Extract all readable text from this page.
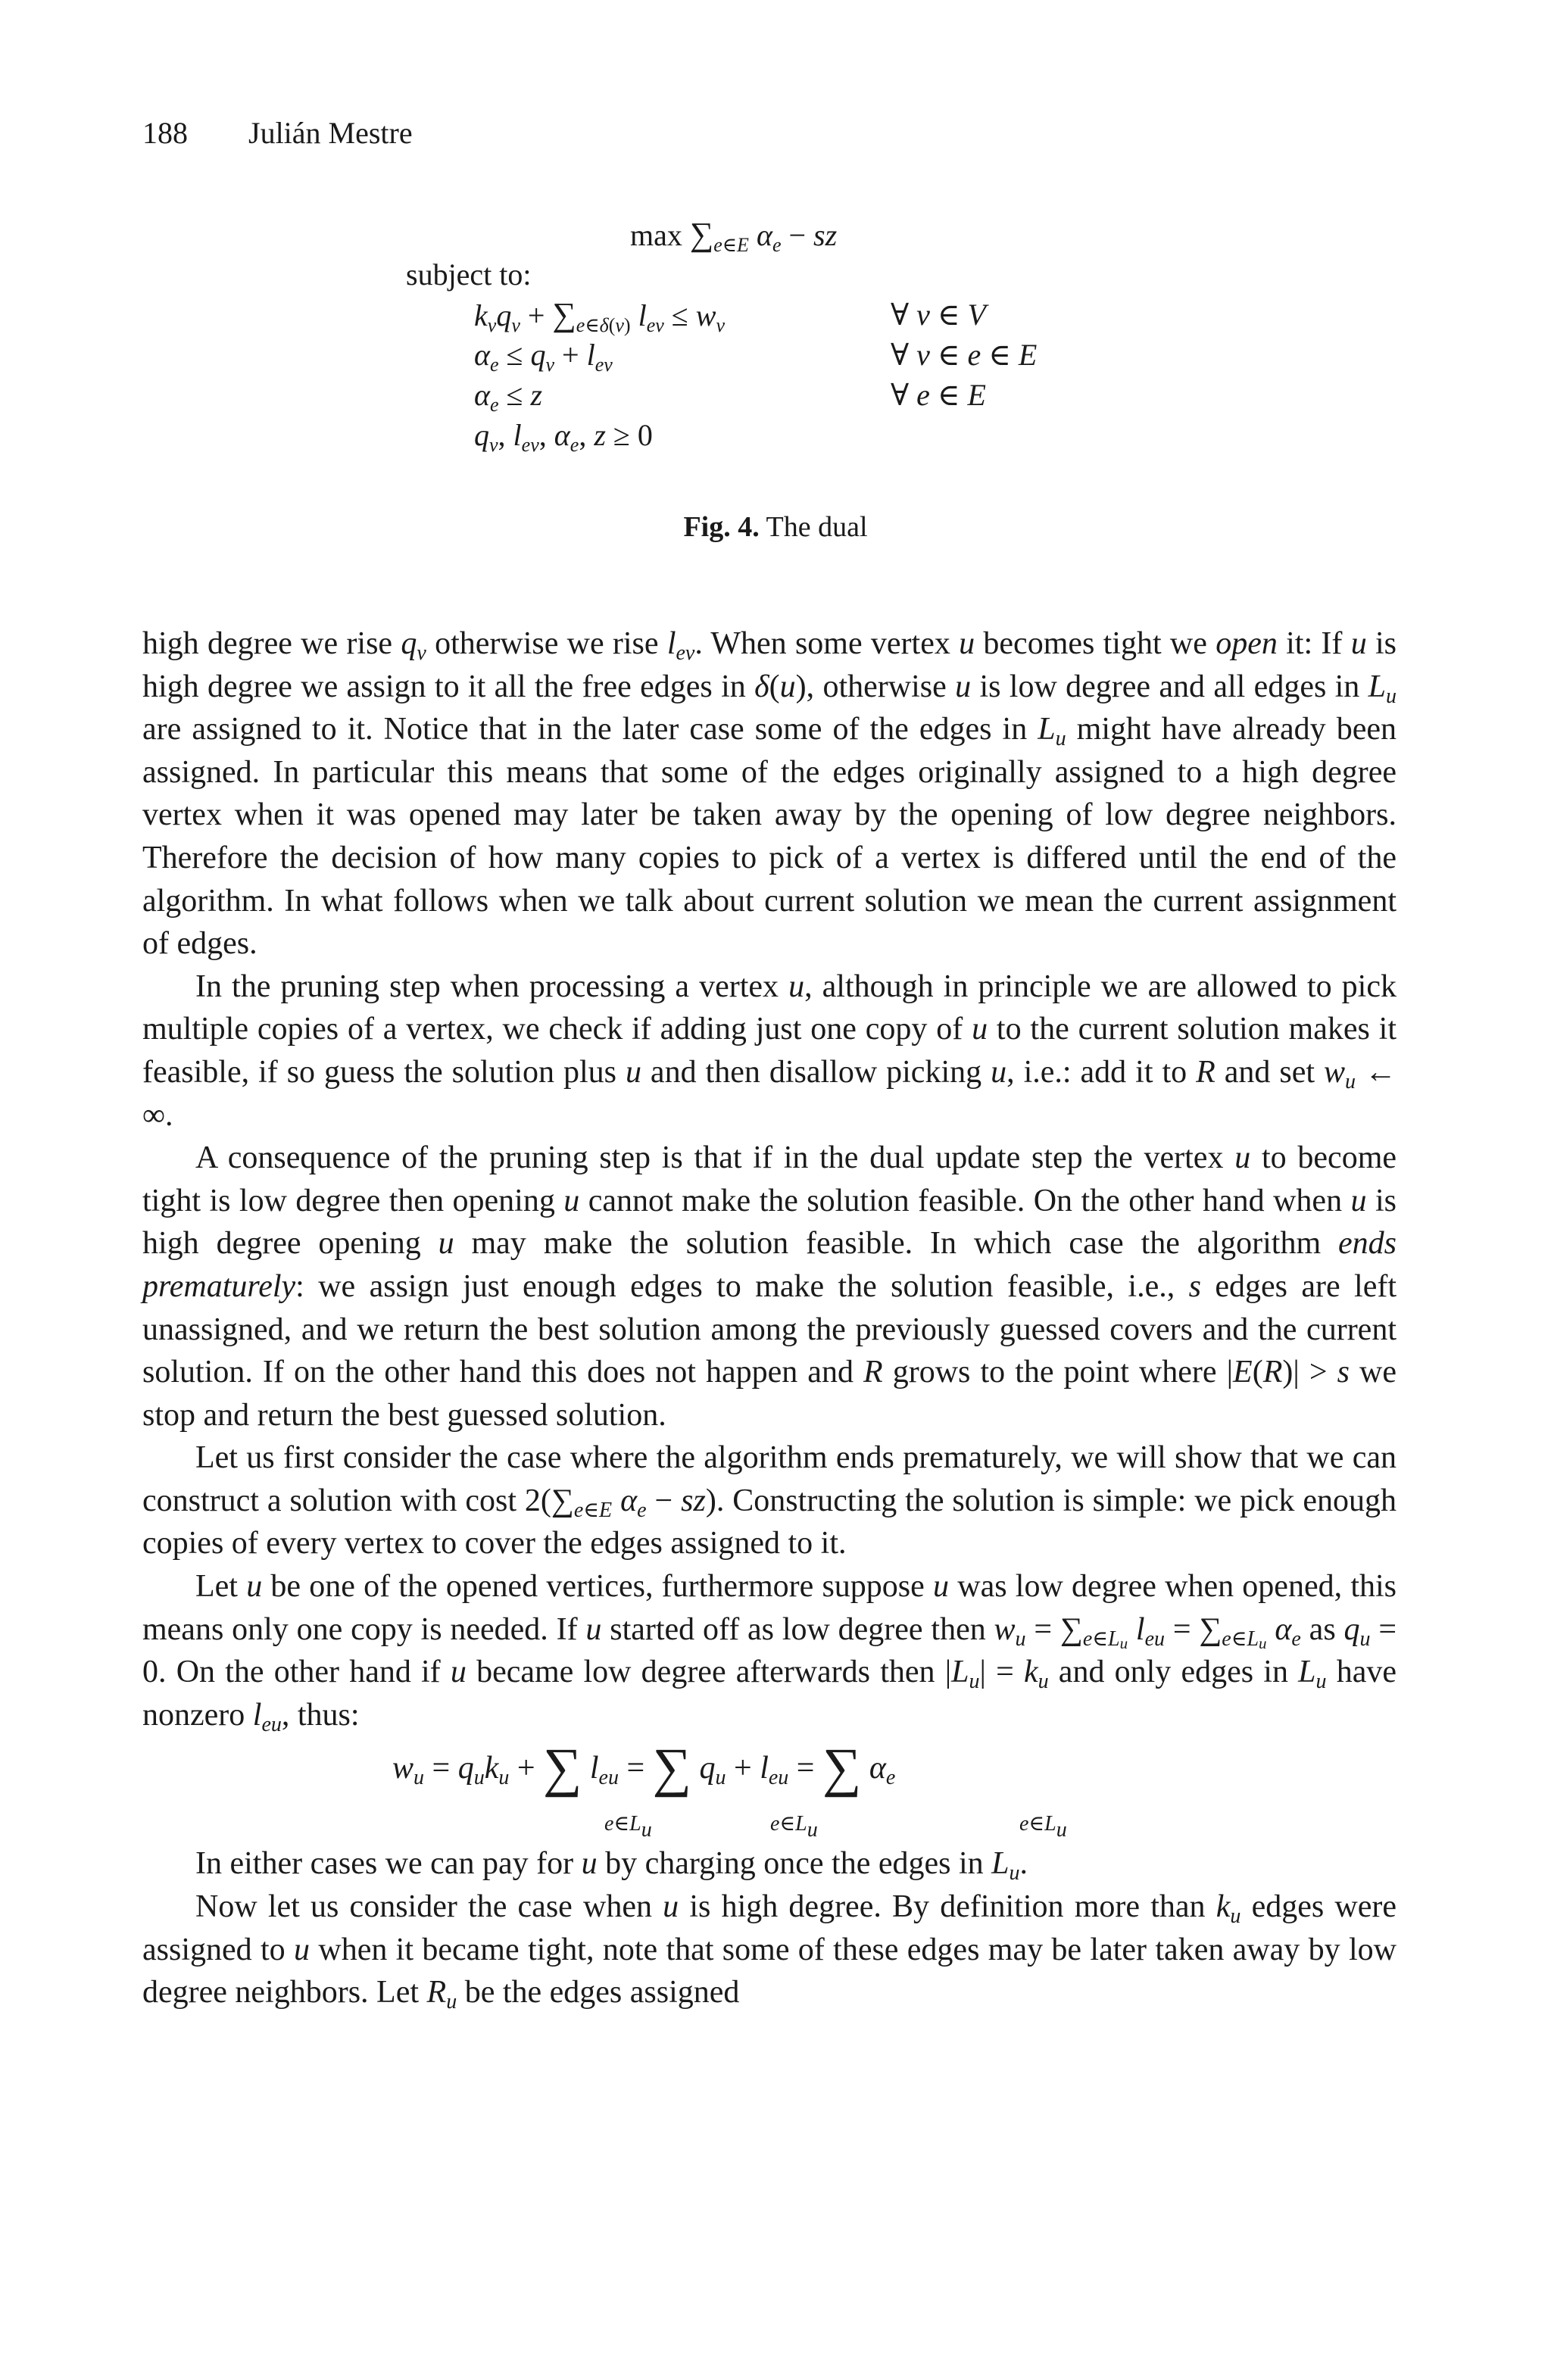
188 Julián Mestre
$\max \sum_{e\in E}$ $\alpha_e$ − sz
subject to:
$k_vq_v + \sum_{e\in\delta(v)}$ $l_{ev} \le w_v$	∀ v ∈ V
$\alpha_e \le q_v + l_{ev}$	∀ v ∈ e ∈ E
$\alpha_e \le z$	∀ e ∈ E
$q_v$, $l_{ev}$, $\alpha_e$, z ≥ 0
Fig. 4. The dual

high degree we rise $q_v$ otherwise we rise $l_{ev}$. When some vertex u becomes tight we open it: If u is high degree we assign to it all the free edges in δ(u), otherwise u is low degree and all edges in $L_u$ are assigned to it. Notice that in the later case some of the edges in $L_u$ might have already been assigned. In particular this means that some of the edges originally assigned to a high degree vertex when it was opened may later be taken away by the opening of low degree neighbors. Therefore the decision of how many copies to pick of a vertex is differed until the end of the algorithm. In what follows when we talk about current solution we mean the current assignment of edges.

In the pruning step when processing a vertex u, although in principle we are allowed to pick multiple copies of a vertex, we check if adding just one copy of u to the current solution makes it feasible, if so guess the solution plus u and then disallow picking u, i.e.: add it to R and set $w_u$ ← ∞.

A consequence of the pruning step is that if in the dual update step the vertex u to become tight is low degree then opening u cannot make the solution feasible. On the other hand when u is high degree opening u may make the solution feasible. In which case the algorithm ends prematurely: we assign just enough edges to make the solution feasible, i.e., s edges are left unassigned, and we return the best solution among the previously guessed covers and the current solution. If on the other hand this does not happen and R grows to the point where |E(R)| > s we stop and return the best guessed solution.

Let us first consider the case where the algorithm ends prematurely, we will show that we can construct a solution with cost $2(\sum_{e\in E}$ $\alpha_e - sz$). Constructing the solution is simple: we pick enough copies of every vertex to cover the edges assigned to it.

Let u be one of the opened vertices, furthermore suppose u was low degree when opened, this means only one copy is needed. If u started off as low degree then $w_u = \sum_{e\in L_u}$ $l_{eu} = \sum_{e\in L_u}$ $\alpha_e$ as $q_u = 0$. On the other hand if u became low degree afterwards then $|L_u| = k_u$ and only edges in $L_u$ have nonzero $l_{eu}$, thus:

$w_u = q_uk_u$ + ∑ $l_{eu}$ = ∑ $q_u + l_{eu}$ = ∑ $\alpha_e$
$e\in L_u$	$e\in L_u$	$e\in L_u$

In either cases we can pay for u by charging once the edges in $L_u$.

Now let us consider the case when u is high degree. By definition more than $k_u$ edges were assigned to u when it became tight, note that some of these edges may be later taken away by low degree neighbors. Let $R_u$ be the edges assigned
